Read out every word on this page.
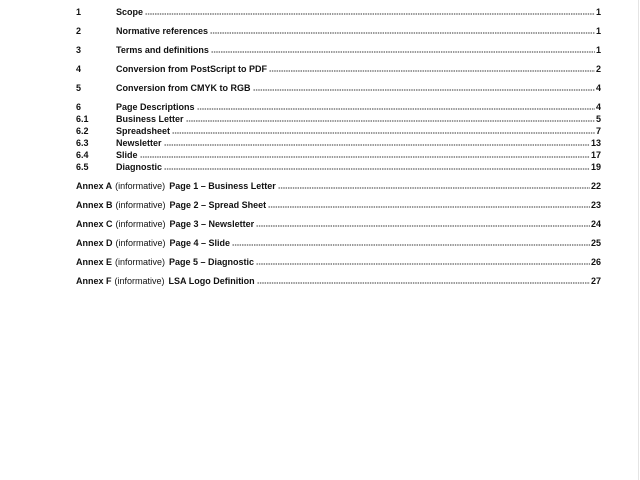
1	Scope	1
2	Normative references	1
3	Terms and definitions	1
4	Conversion from PostScript to PDF	2
5	Conversion from CMYK to RGB	4
6	Page Descriptions	4
6.1	Business Letter	5
6.2	Spreadsheet	7
6.3	Newsletter	13
6.4	Slide	17
6.5	Diagnostic	19
Annex A (informative) Page 1 – Business Letter	22
Annex B (informative) Page 2 – Spread Sheet	23
Annex C (informative) Page 3 – Newsletter	24
Annex D (informative) Page 4 – Slide	25
Annex E (informative) Page 5 – Diagnostic	26
Annex F (informative) LSA Logo Definition	27
